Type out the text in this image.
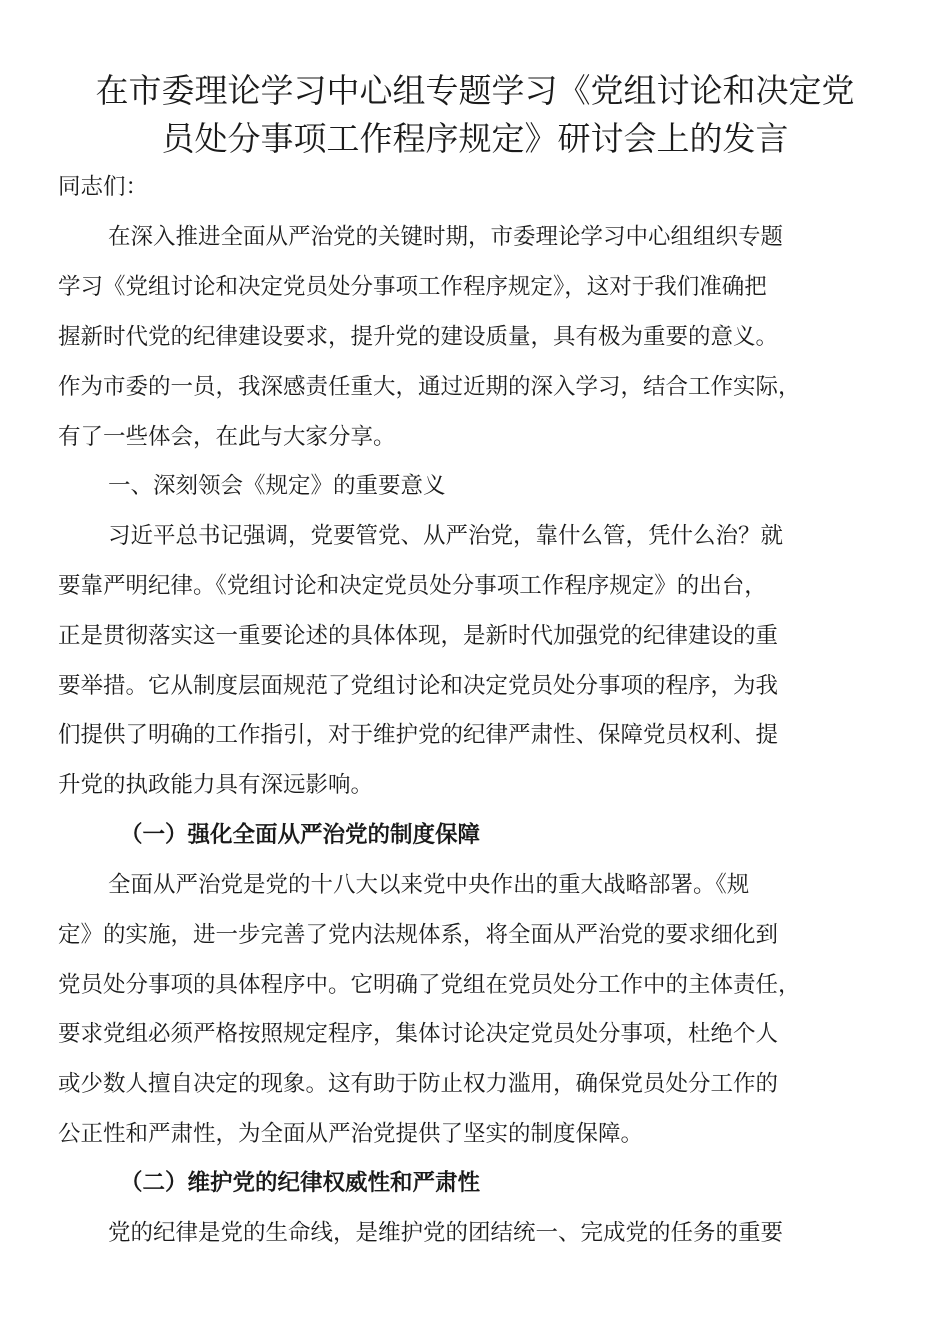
在市委理论学习中心组专题学习《党组讨论和决定党
员处分事项工作程序规定》研讨会上的发言

同志们：

在深入推进全面从严治党的关键时期，市委理论学习中心组组织专题

学习《党组讨论和决定党员处分事项工作程序规定》，这对于我们准确把

握新时代党的纪律建设要求，提升党的建设质量，具有极为重要的意义。

作为市委的一员，我深感责任重大，通过近期的深入学习，结合工作实际，

有了一些体会，在此与大家分享。

一、深刻领会《规定》的重要意义

习近平总书记强调，党要管党、从严治党，靠什么管，凭什么治？就

要靠严明纪律。《党组讨论和决定党员处分事项工作程序规定》的出台，

正是贯彻落实这一重要论述的具体体现，是新时代加强党的纪律建设的重

要举措。它从制度层面规范了党组讨论和决定党员处分事项的程序，为我

们提供了明确的工作指引，对于维护党的纪律严肃性、保障党员权利、提

升党的执政能力具有深远影响。

（一）强化全面从严治党的制度保障

全面从严治党是党的十八大以来党中央作出的重大战略部署。《规

定》的实施，进一步完善了党内法规体系，将全面从严治党的要求细化到

党员处分事项的具体程序中。它明确了党组在党员处分工作中的主体责任，

要求党组必须严格按照规定程序，集体讨论决定党员处分事项，杜绝个人

或少数人擅自决定的现象。这有助于防止权力滥用，确保党员处分工作的

公正性和严肃性，为全面从严治党提供了坚实的制度保障。

（二）维护党的纪律权威性和严肃性

党的纪律是党的生命线，是维护党的团结统一、完成党的任务的重要
